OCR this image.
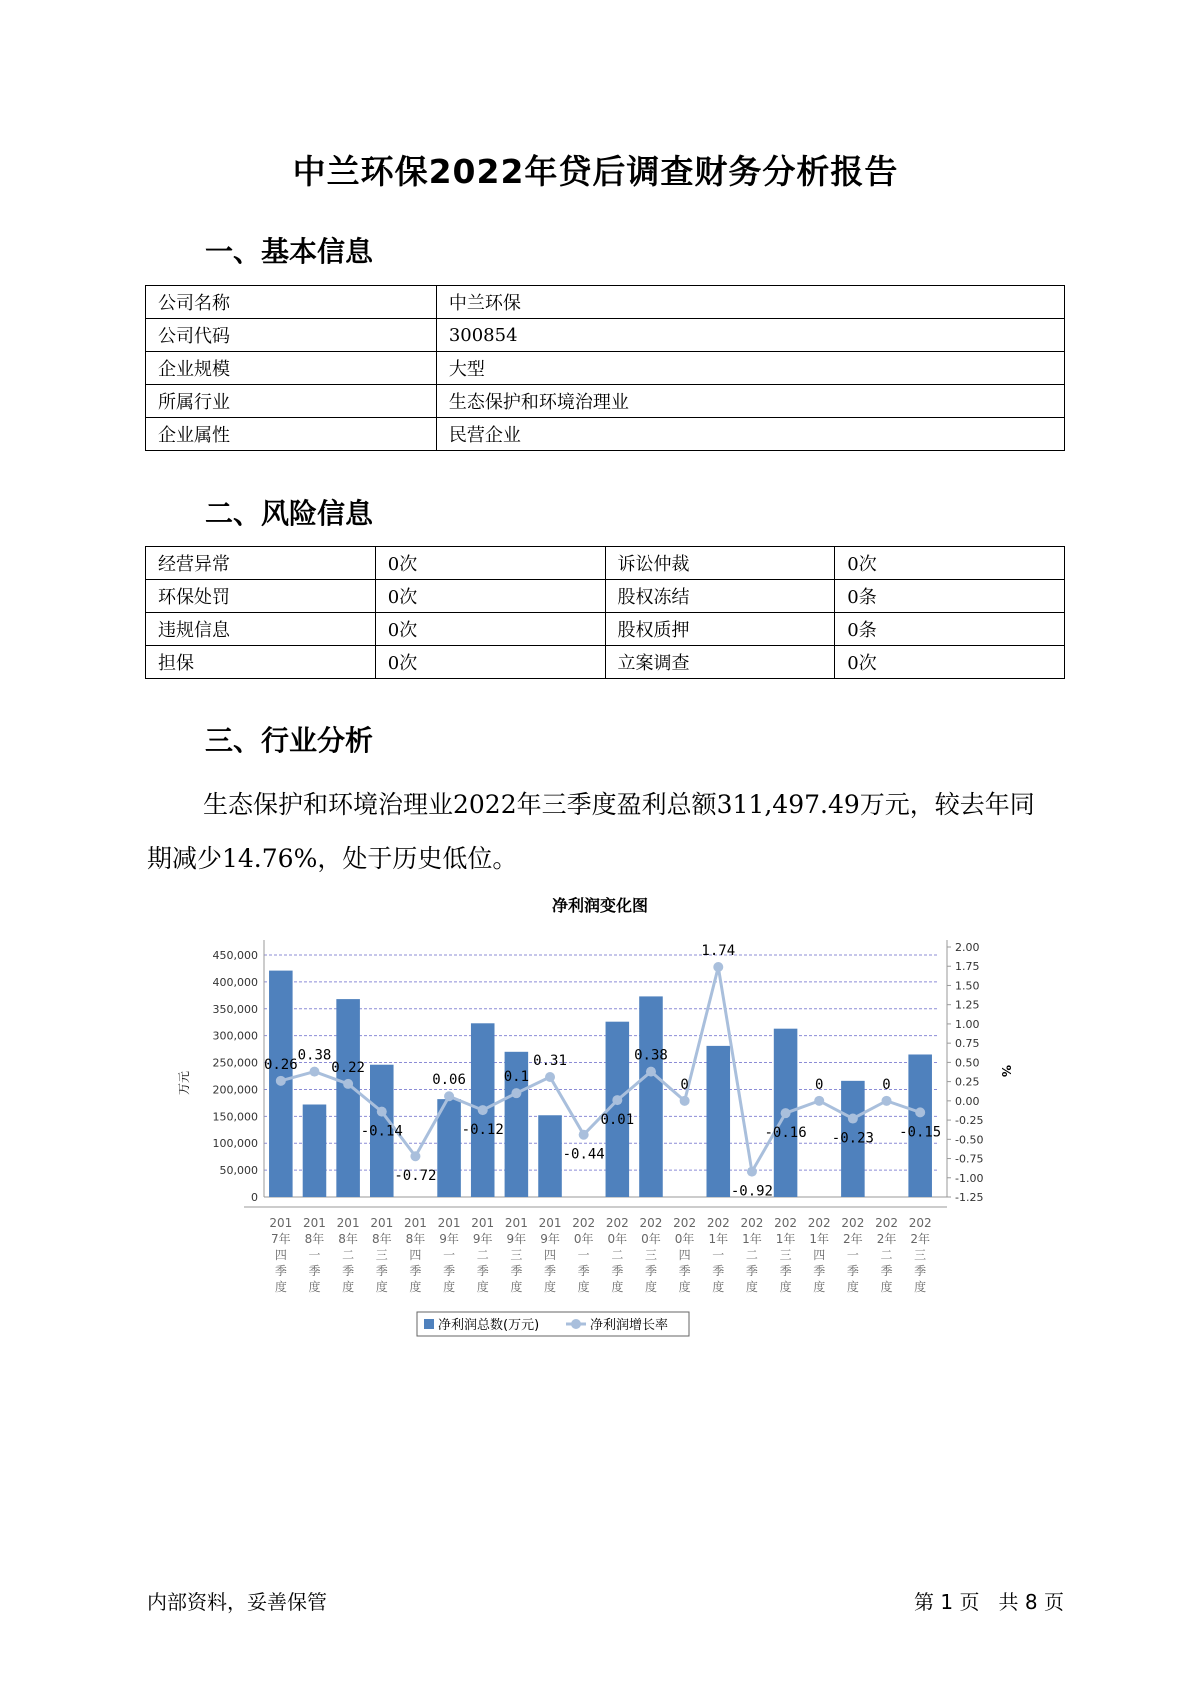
中兰环保2022年贷后调查财务分析报告
一、基本信息
公司名称	中兰环保
公司代码	300854
企业规模	大型
所属行业	生态保护和环境治理业
企业属性	民营企业
二、风险信息
经营异常	0次	诉讼仲裁	0次
环保处罚	0次	股权冻结	0条
违规信息	0次	股权质押	0条
担保	0次	立案调查	0次
三、行业分析
生态保护和环境治理业2022年三季度盈利总额311,497.49万元，较去年同期减少14.76%，处于历史低位。
净利润变化图
0
50,000
100,000
150,000
200,000
250,000
300,000
350,000
400,000
450,000
-1.25
-1.00
-0.75
-0.50
-0.25
0.00
0.25
0.50
0.75
1.00
1.25
1.50
1.75
2.00
万元	%
201 7年四季度
201 8年一季度
201 8年二季度
201 8年三季度
201 8年四季度
201 9年一季度
201 9年二季度
201 9年三季度
201 9年四季度
202 0年一季度
202 0年二季度
202 0年三季度
202 0年四季度
202 1年一季度
202 1年二季度
202 1年三季度
202 1年四季度
202 2年一季度
202 2年二季度
202 2年三季度
0.26
0.38
0.22
-0.14
-0.72
0.06
-0.12
0.1
0.31
-0.44
0.01
0.38
0
1.74
-0.92
-0.16
0
-0.23
0
-0.15
净利润总数(万元)	净利润增长率
内部资料，妥善保管	第 1 页   共 8 页
